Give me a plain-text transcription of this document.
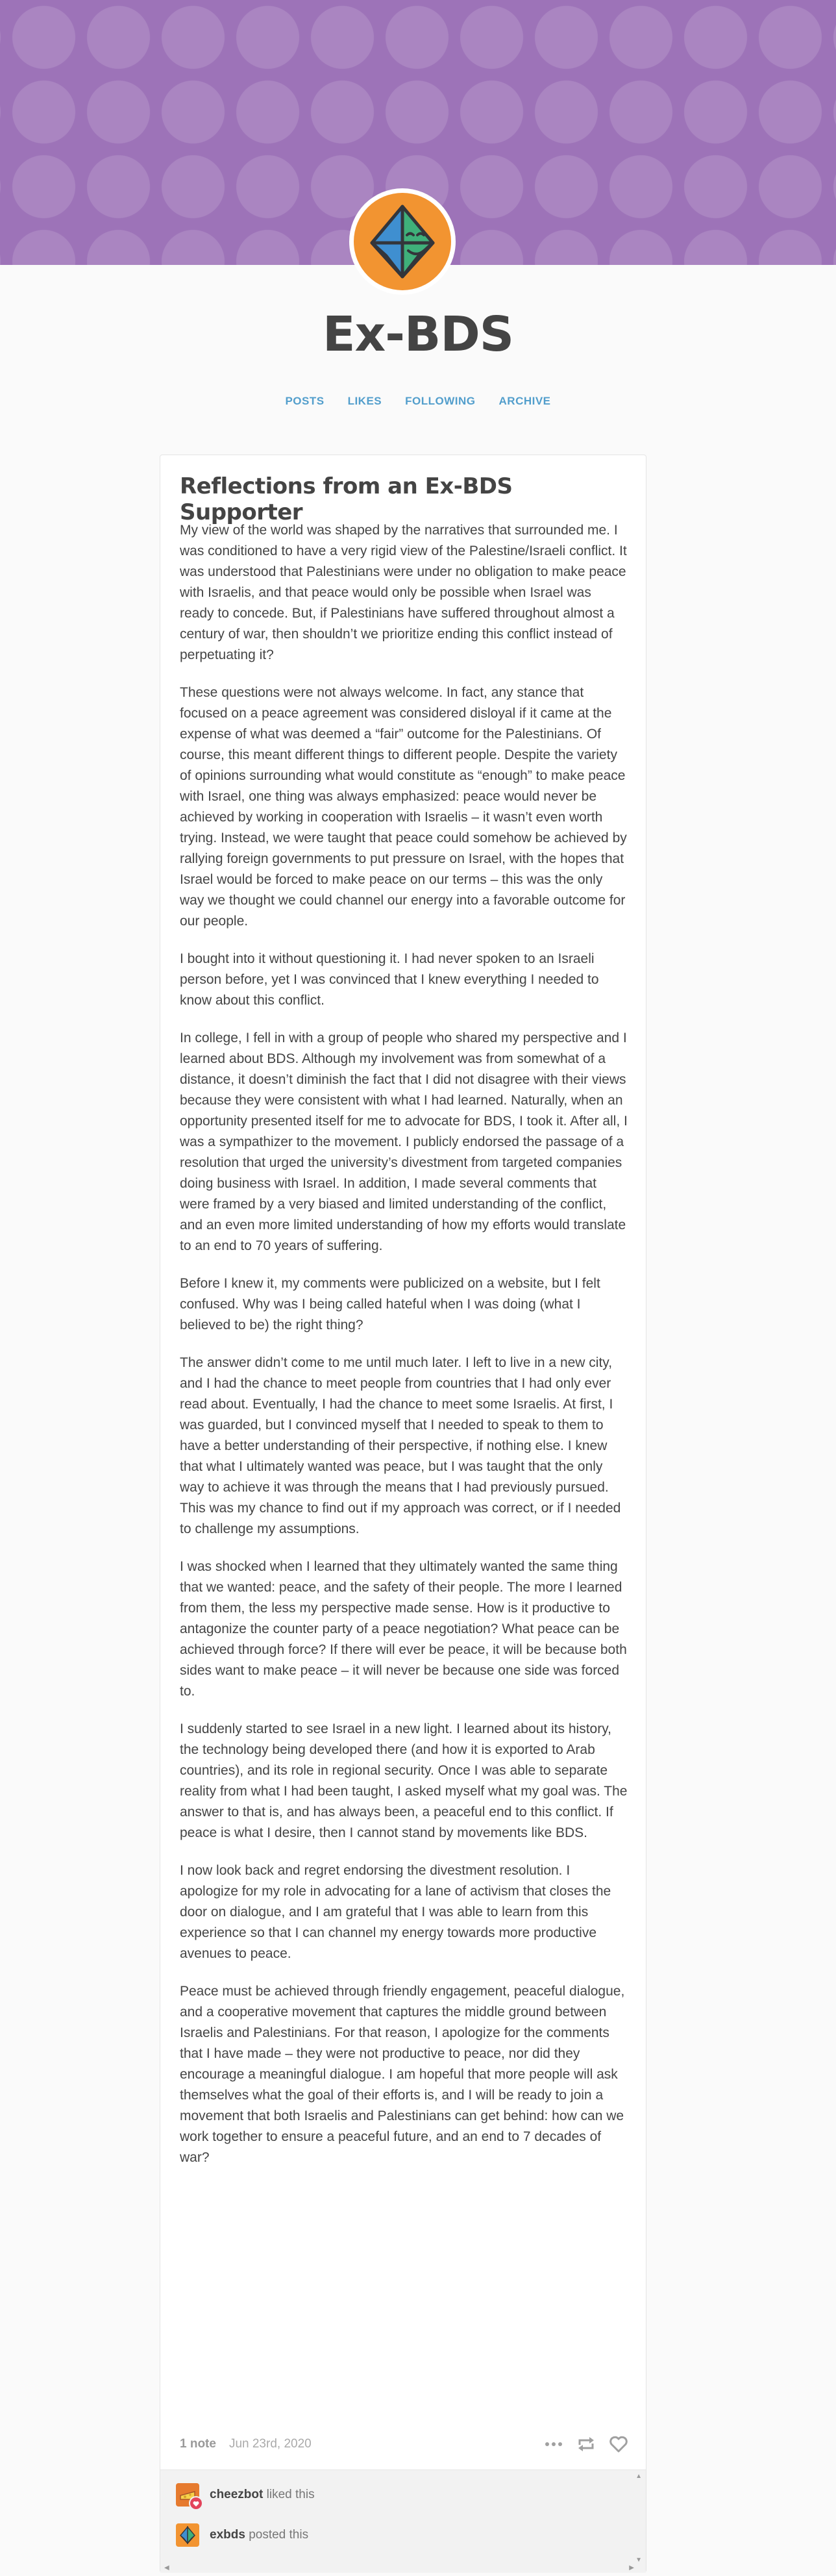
Ex-BDS
POSTS LIKES FOLLOWING ARCHIVE
Reflections from an Ex-BDS Supporter

My view of the world was shaped by the narratives that surrounded me. I was conditioned to have a very rigid view of the Palestine/Israeli conflict. It was understood that Palestinians were under no obligation to make peace with Israelis, and that peace would only be possible when Israel was ready to concede. But, if Palestinians have suffered throughout almost a century of war, then shouldn’t we prioritize ending this conflict instead of perpetuating it?

These questions were not always welcome. In fact, any stance that focused on a peace agreement was considered disloyal if it came at the expense of what was deemed a “fair” outcome for the Palestinians. Of course, this meant different things to different people. Despite the variety of opinions surrounding what would constitute as “enough” to make peace with Israel, one thing was always emphasized: peace would never be achieved by working in cooperation with Israelis – it wasn’t even worth trying. Instead, we were taught that peace could somehow be achieved by rallying foreign governments to put pressure on Israel, with the hopes that Israel would be forced to make peace on our terms – this was the only way we thought we could channel our energy into a favorable outcome for our people.

I bought into it without questioning it. I had never spoken to an Israeli person before, yet I was convinced that I knew everything I needed to know about this conflict.

In college, I fell in with a group of people who shared my perspective and I learned about BDS. Although my involvement was from somewhat of a distance, it doesn’t diminish the fact that I did not disagree with their views because they were consistent with what I had learned. Naturally, when an opportunity presented itself for me to advocate for BDS, I took it. After all, I was a sympathizer to the movement. I publicly endorsed the passage of a resolution that urged the university’s divestment from targeted companies doing business with Israel. In addition, I made several comments that were framed by a very biased and limited understanding of the conflict, and an even more limited understanding of how my efforts would translate to an end to 70 years of suffering.

Before I knew it, my comments were publicized on a website, but I felt confused. Why was I being called hateful when I was doing (what I believed to be) the right thing?

The answer didn’t come to me until much later. I left to live in a new city, and I had the chance to meet people from countries that I had only ever read about. Eventually, I had the chance to meet some Israelis. At first, I was guarded, but I convinced myself that I needed to speak to them to have a better understanding of their perspective, if nothing else. I knew that what I ultimately wanted was peace, but I was taught that the only way to achieve it was through the means that I had previously pursued. This was my chance to find out if my approach was correct, or if I needed to challenge my assumptions.

I was shocked when I learned that they ultimately wanted the same thing that we wanted: peace, and the safety of their people. The more I learned from them, the less my perspective made sense. How is it productive to antagonize the counter party of a peace negotiation? What peace can be achieved through force? If there will ever be peace, it will be because both sides want to make peace – it will never be because one side was forced to.

I suddenly started to see Israel in a new light. I learned about its history, the technology being developed there (and how it is exported to Arab countries), and its role in regional security. Once I was able to separate reality from what I had been taught, I asked myself what my goal was. The answer to that is, and has always been, a peaceful end to this conflict. If peace is what I desire, then I cannot stand by movements like BDS.

I now look back and regret endorsing the divestment resolution. I apologize for my role in advocating for a lane of activism that closes the door on dialogue, and I am grateful that I was able to learn from this experience so that I can channel my energy towards more productive avenues to peace.

Peace must be achieved through friendly engagement, peaceful dialogue, and a cooperative movement that captures the middle ground between Israelis and Palestinians. For that reason, I apologize for the comments that I have made – they were not productive to peace, nor did they encourage a meaningful dialogue. I am hopeful that more people will ask themselves what the goal of their efforts is, and I will be ready to join a movement that both Israelis and Palestinians can get behind: how can we work together to ensure a peaceful future, and an end to 7 decades of war?

1 note Jun 23rd, 2020
▲
cheezbot liked this
exbds posted this
◀	▶
▼
